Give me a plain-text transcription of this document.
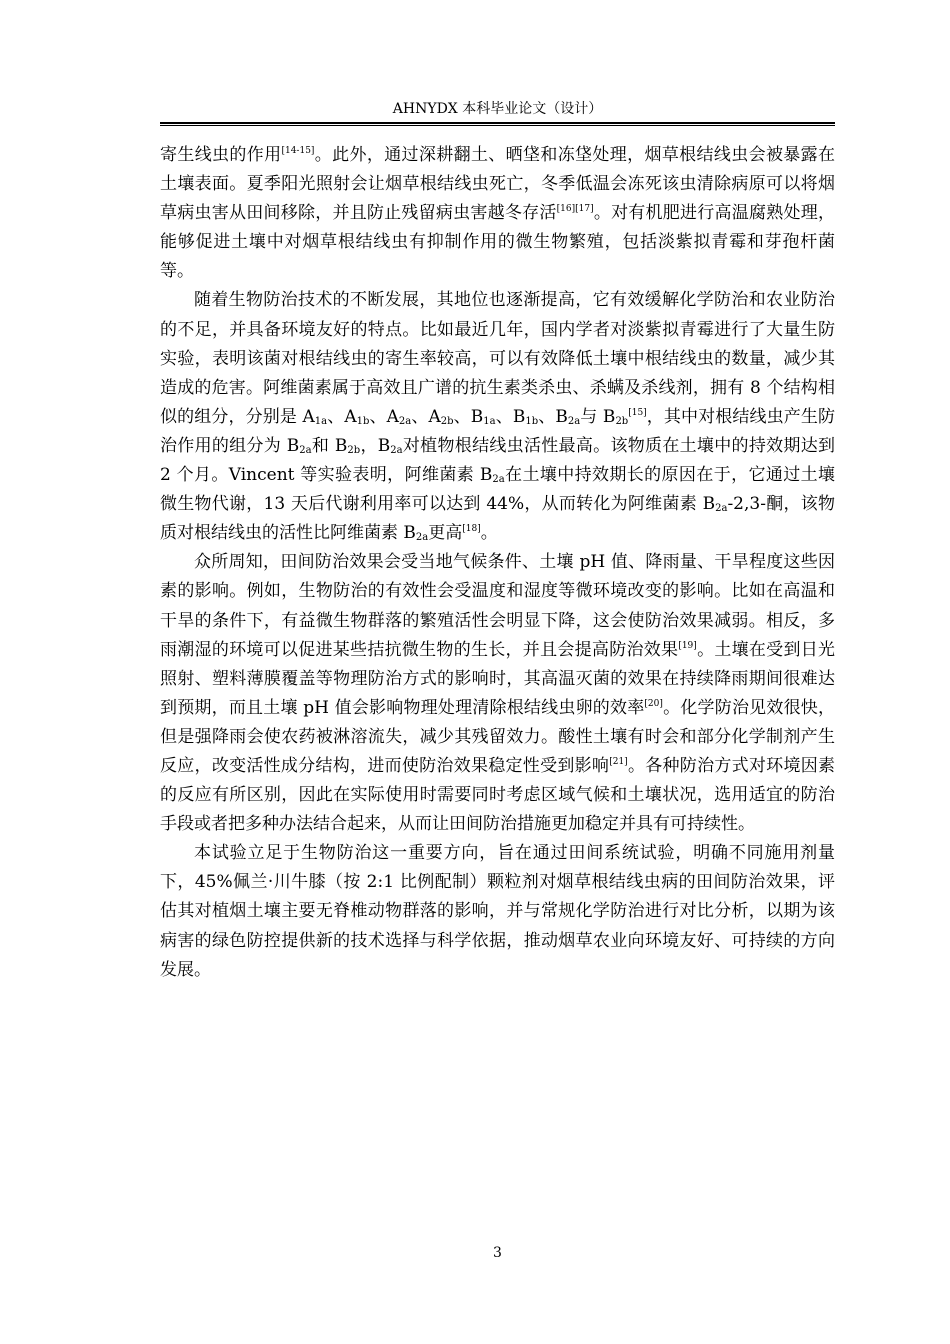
AHNYDX 本科毕业论文（设计）

寄生线虫的作用[14-15]。此外，通过深耕翻土、晒垡和冻垡处理，烟草根结线虫会被暴露在土壤表面。夏季阳光照射会让烟草根结线虫死亡，冬季低温会冻死该虫清除病原可以将烟草病虫害从田间移除，并且防止残留病虫害越冬存活[16][17]。对有机肥进行高温腐熟处理，能够促进土壤中对烟草根结线虫有抑制作用的微生物繁殖，包括淡紫拟青霉和芽孢杆菌等。

随着生物防治技术的不断发展，其地位也逐渐提高，它有效缓解化学防治和农业防治的不足，并具备环境友好的特点。比如最近几年，国内学者对淡紫拟青霉进行了大量生防实验，表明该菌对根结线虫的寄生率较高，可以有效降低土壤中根结线虫的数量，减少其造成的危害。阿维菌素属于高效且广谱的抗生素类杀虫、杀螨及杀线剂，拥有 8 个结构相似的组分，分别是 $A_{1a}$、$A_{1b}$、$A_{2a}$、$A_{2b}$、$B_{1a}$、$B_{1b}$、$B_{2a}$与 $B_{2b}[15]$，其中对根结线虫产生防治作用的组分为 $B_{2a}$和 $B_{2b}$，$B_{2a}$对植物根结线虫活性最高。该物质在土壤中的持效期达到 2 个月。Vincent 等实验表明，阿维菌素 $B_{2a}$在土壤中持效期长的原因在于，它通过土壤微生物代谢，13 天后代谢利用率可以达到 44%，从而转化为阿维菌素 $B_{2a}-2,3-$酮，该物质对根结线虫的活性比阿维菌素 $B_{2a}$更高[18]。

众所周知，田间防治效果会受当地气候条件、土壤 pH 值、降雨量、干旱程度这些因素的影响。例如，生物防治的有效性会受温度和湿度等微环境改变的影响。比如在高温和干旱的条件下，有益微生物群落的繁殖活性会明显下降，这会使防治效果减弱。相反，多雨潮湿的环境可以促进某些拮抗微生物的生长，并且会提高防治效果[19]。土壤在受到日光照射、塑料薄膜覆盖等物理防治方式的影响时，其高温灭菌的效果在持续降雨期间很难达到预期，而且土壤 pH 值会影响物理处理清除根结线虫卵的效率[20]。化学防治见效很快，但是强降雨会使农药被淋溶流失，减少其残留效力。酸性土壤有时会和部分化学制剂产生反应，改变活性成分结构，进而使防治效果稳定性受到影响[21]。各种防治方式对环境因素的反应有所区别，因此在实际使用时需要同时考虑区域气候和土壤状况，选用适宜的防治手段或者把多种办法结合起来，从而让田间防治措施更加稳定并具有可持续性。

本试验立足于生物防治这一重要方向，旨在通过田间系统试验，明确不同施用剂量下，45%佩兰·川牛膝（按 2:1 比例配制）颗粒剂对烟草根结线虫病的田间防治效果，评估其对植烟土壤主要无脊椎动物群落的影响，并与常规化学防治进行对比分析，以期为该病害的绿色防控提供新的技术选择与科学依据，推动烟草农业向环境友好、可持续的方向发展。

3
